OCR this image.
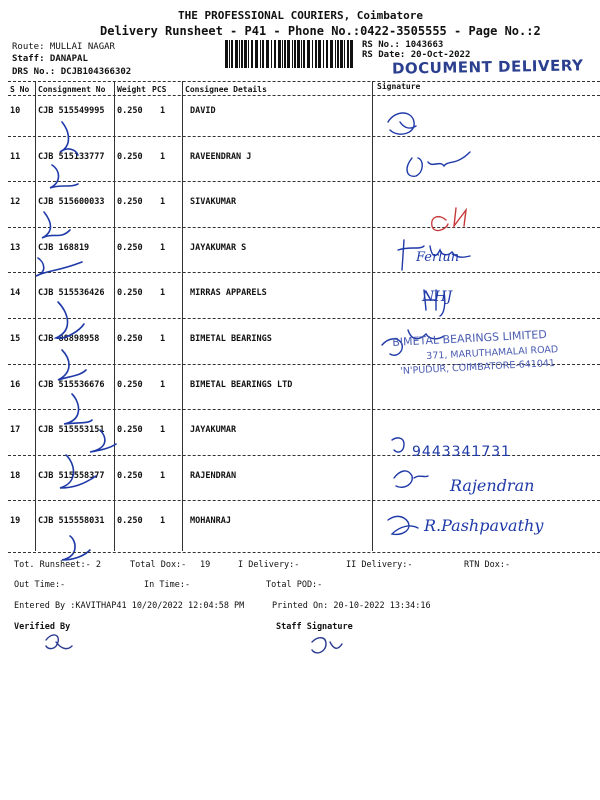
THE PROFESSIONAL COURIERS, Coimbatore
Delivery Runsheet - P41 - Phone No.:0422-3505555 - Page No.:2
Route: MULLAI NAGAR
Staff: DANAPAL
DRS No.: DCJB104366302
RS No.: 1043663
RS Date: 20-Oct-2022
DOCUMENT DELIVERY
S No Consignment No Weight PCS Consignee Details	Signature
10 CJB 515549995 0.250 1	DAVID
11 CJB 515133777 0.250 1	RAVEENDRAN J
12 CJB 515600033 0.250 1	SIVAKUMAR
13 CJB 168819	0.250 1	JAYAKUMAR S
14 CJB 515536426 0.250 1	MIRRAS APPARELS
15 CJB 88898958 0.250 1	BIMETAL BEARINGS
16 CJB 515536676 0.250 1	BIMETAL BEARINGS LTD
17 CJB 515553151 0.250 1	JAYAKUMAR
18 CJB 515558377 0.250 1	RAJENDRAN
19 CJB 515558031 0.250 1	MOHANRAJ
BIMETAL BEARINGS LIMITED
371, MARUTHAMALAI ROAD
'N'PUDUR, COIMBATORE-641041
Ferlun
NHJ
9443341731
Rajendran
R.Pashpavathy
Tot. Runsheet:- 2	Total Dox:- 19	I Delivery:-	II Delivery:-	RTN Dox:-
Out Time:-	In Time:-	Total POD:-
Entered By :KAVITHAP41 10/20/2022 12:04:58 PM	Printed On: 20-10-2022 13:34:16
Verified By	Staff Signature
